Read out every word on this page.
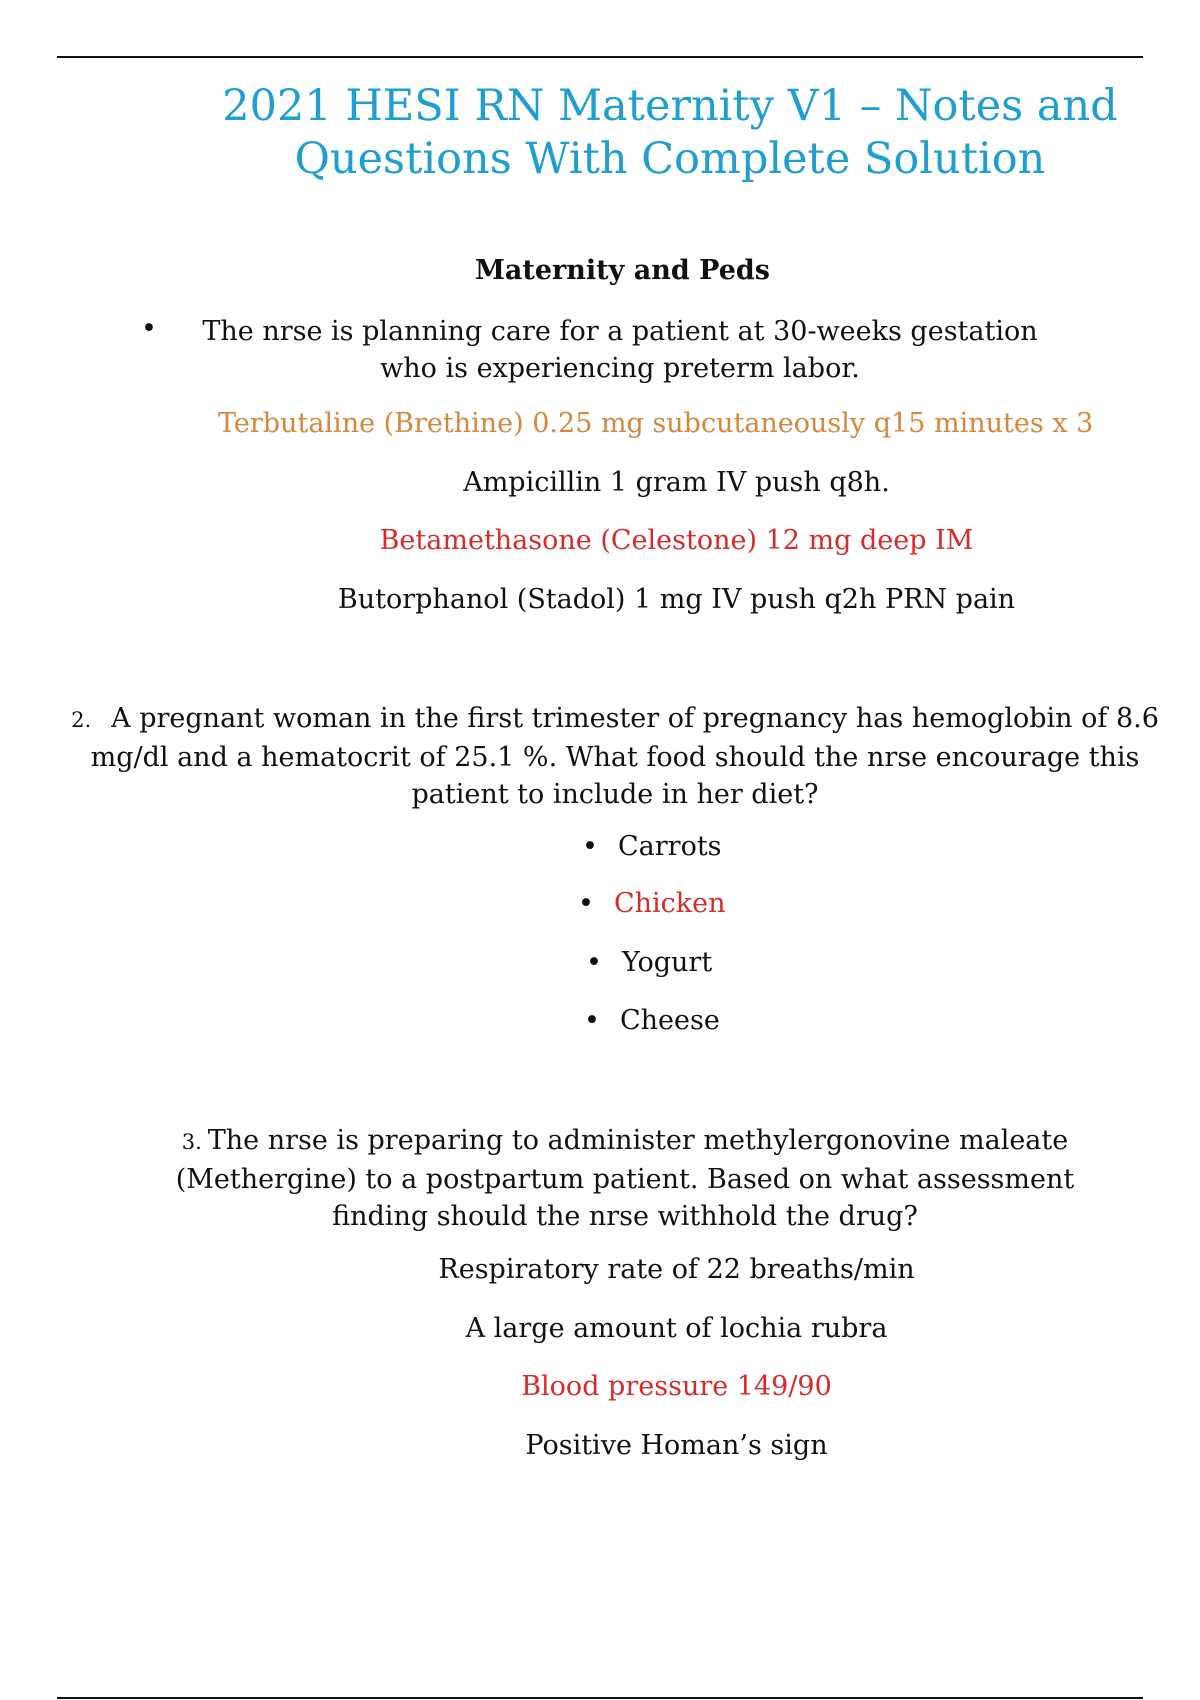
2021 HESI RN Maternity V1 – Notes and Questions With Complete Solution
Maternity and Peds
•	The nrse is planning care for a patient at 30-weeks gestation who is experiencing preterm labor.
Terbutaline (Brethine) 0.25 mg subcutaneously q15 minutes x 3
Ampicillin 1 gram IV push q8h.
Betamethasone (Celestone) 12 mg deep IM
Butorphanol (Stadol) 1 mg IV push q2h PRN pain
2. A pregnant woman in the first trimester of pregnancy has hemoglobin of 8.6 mg/dl and a hematocrit of 25.1 %. What food should the nrse encourage this patient to include in her diet?
• Carrots
• Chicken
• Yogurt
• Cheese
3. The nrse is preparing to administer methylergonovine maleate (Methergine) to a postpartum patient. Based on what assessment finding should the nrse withhold the drug?
Respiratory rate of 22 breaths/min
A large amount of lochia rubra
Blood pressure 149/90
Positive Homan’s sign
